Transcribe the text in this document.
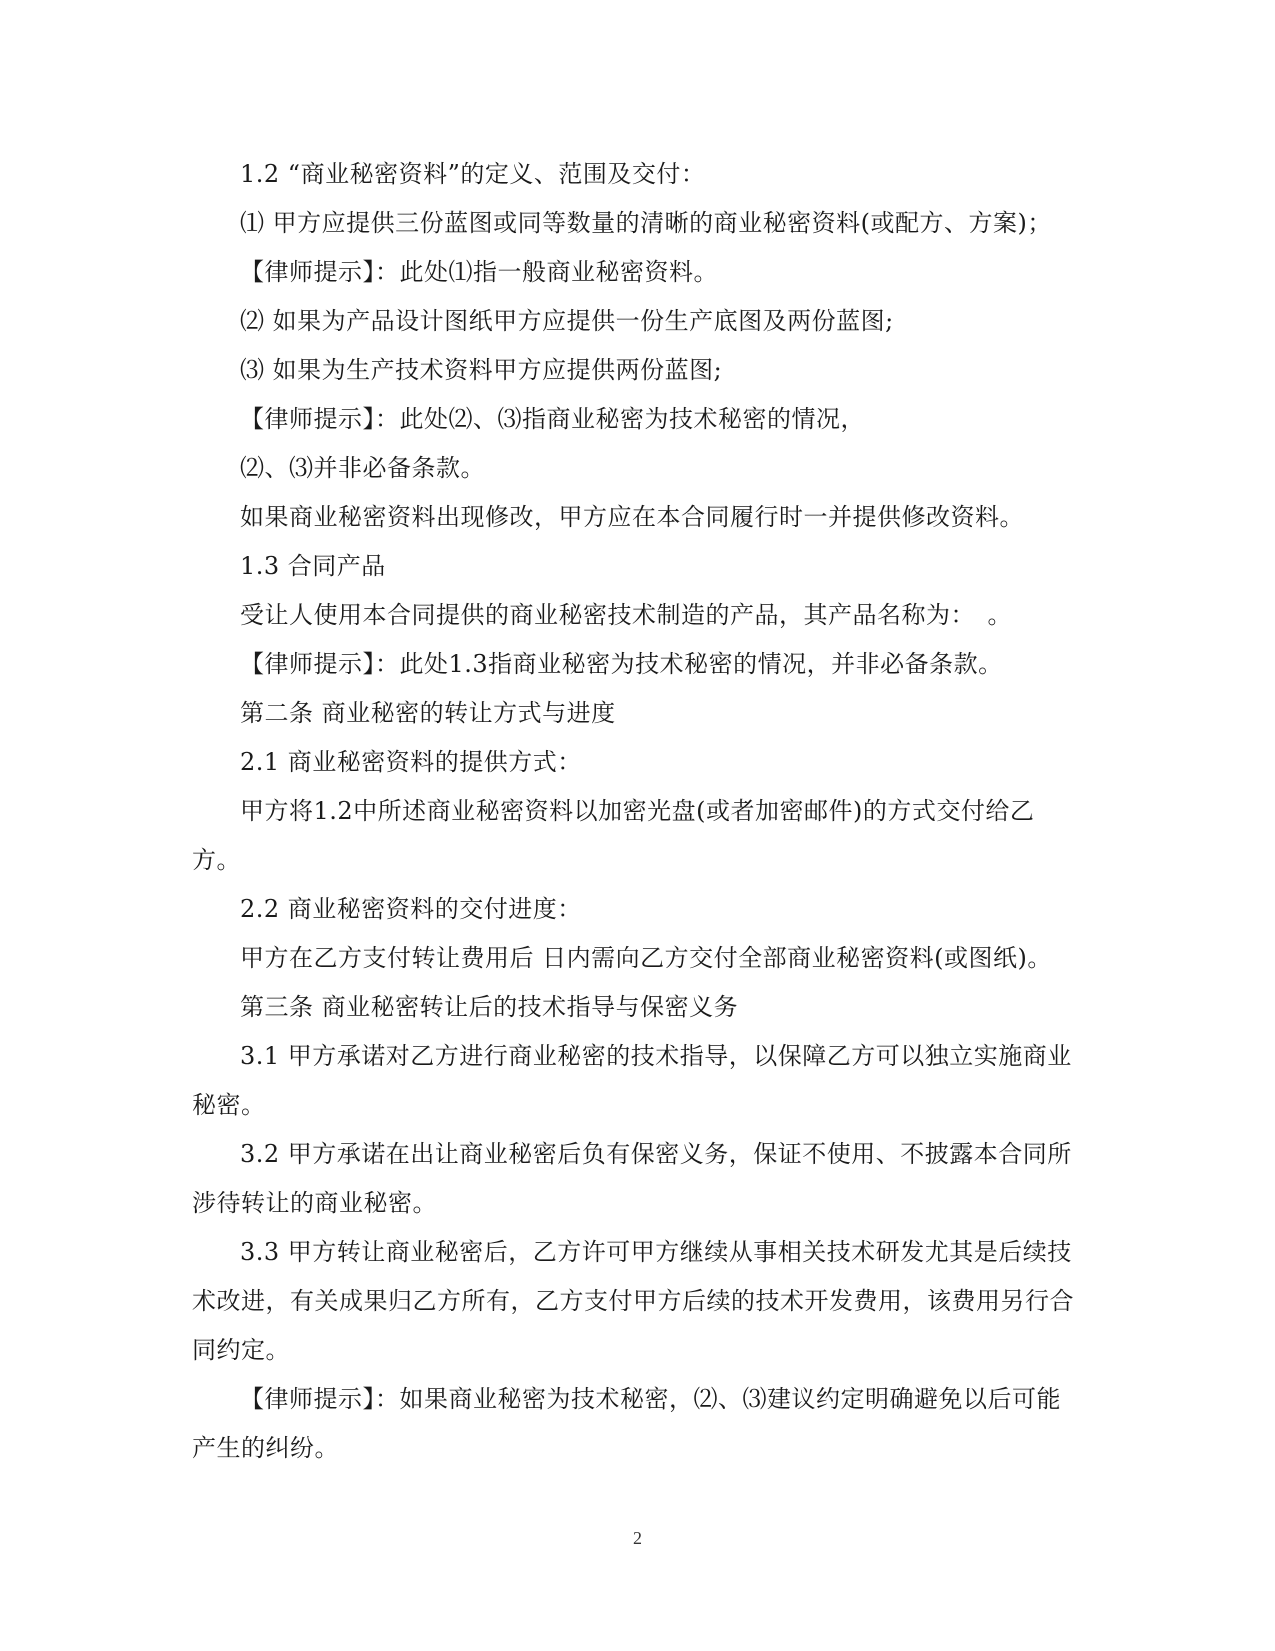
1.2 “商业秘密资料”的定义、范围及交付：

⑴ 甲方应提供三份蓝图或同等数量的清晰的商业秘密资料(或配方、方案)；

【律师提示】：此处⑴指一般商业秘密资料。

⑵ 如果为产品设计图纸甲方应提供一份生产底图及两份蓝图;

⑶ 如果为生产技术资料甲方应提供两份蓝图;

【律师提示】：此处⑵、⑶指商业秘密为技术秘密的情况，

⑵、⑶并非必备条款。

如果商业秘密资料出现修改，甲方应在本合同履行时一并提供修改资料。

1.3 合同产品

受让人使用本合同提供的商业秘密技术制造的产品，其产品名称为：　。

【律师提示】：此处1.3指商业秘密为技术秘密的情况，并非必备条款。

第二条 商业秘密的转让方式与进度

2.1 商业秘密资料的提供方式：

甲方将1.2中所述商业秘密资料以加密光盘(或者加密邮件)的方式交付给乙方。

2.2 商业秘密资料的交付进度：

甲方在乙方支付转让费用后 日内需向乙方交付全部商业秘密资料(或图纸)。

第三条 商业秘密转让后的技术指导与保密义务

3.1 甲方承诺对乙方进行商业秘密的技术指导，以保障乙方可以独立实施商业秘密。

3.2 甲方承诺在出让商业秘密后负有保密义务，保证不使用、不披露本合同所涉待转让的商业秘密。

3.3 甲方转让商业秘密后，乙方许可甲方继续从事相关技术研发尤其是后续技术改进，有关成果归乙方所有，乙方支付甲方后续的技术开发费用，该费用另行合同约定。

【律师提示】：如果商业秘密为技术秘密，⑵、⑶建议约定明确避免以后可能产生的纠纷。

2
